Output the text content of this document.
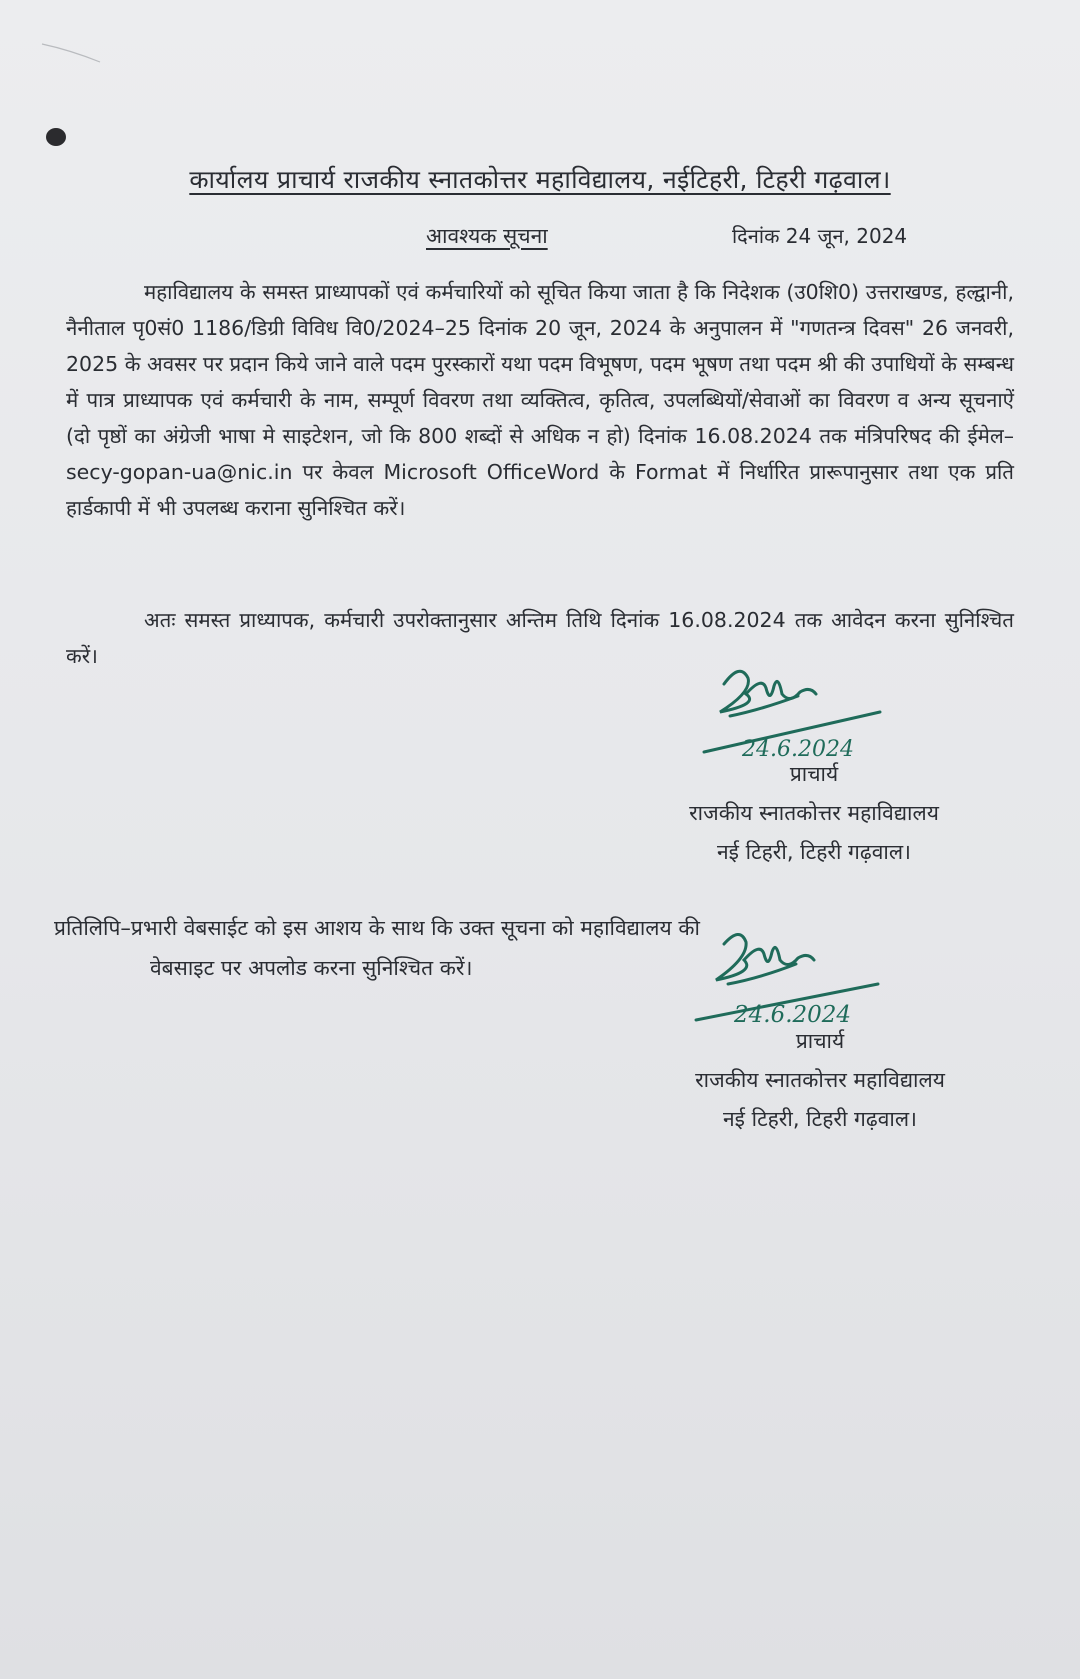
कार्यालय प्राचार्य राजकीय स्नातकोत्तर महाविद्यालय, नईटिहरी, टिहरी गढ़वाल।
आवश्यक सूचना	दिनांक 24 जून, 2024
महाविद्यालय के समस्त प्राध्यापकों एवं कर्मचारियों को सूचित किया जाता है कि निदेशक (उ0शि0) उत्तराखण्ड, हल्द्वानी, नैनीताल पृ0सं0 1186/डिग्री विविध वि0/2024–25 दिनांक 20 जून, 2024 के अनुपालन में "गणतन्त्र दिवस" 26 जनवरी, 2025 के अवसर पर प्रदान किये जाने वाले पदम पुरस्कारों यथा पदम विभूषण, पदम भूषण तथा पदम श्री की उपाधियों के सम्बन्ध में पात्र प्राध्यापक एवं कर्मचारी के नाम, सम्पूर्ण विवरण तथा व्यक्तित्व, कृतित्व, उपलब्धियों/सेवाओं का विवरण व अन्य सूचनाऐं (दो पृष्ठों का अंग्रेजी भाषा मे साइटेशन, जो कि 800 शब्दों से अधिक न हो) दिनांक 16.08.2024 तक मंत्रिपरिषद की ईमेल–secy-gopan-ua@nic.in पर केवल Microsoft OfficeWord के Format में निर्धारित प्रारूपानुसार तथा एक प्रति हार्डकापी में भी उपलब्ध कराना सुनिश्चित करें।
अतः समस्त प्राध्यापक, कर्मचारी उपरोक्तानुसार अन्तिम तिथि दिनांक 16.08.2024 तक आवेदन करना सुनिश्चित करें।
24.6.2024
प्राचार्य
राजकीय स्नातकोत्तर महाविद्यालय
नई टिहरी, टिहरी गढ़वाल।
प्रतिलिपि–प्रभारी वेबसाईट को इस आशय के साथ कि उक्त सूचना को महाविद्यालय की
वेबसाइट पर अपलोड करना सुनिश्चित करें।
24.6.2024
प्राचार्य
राजकीय स्नातकोत्तर महाविद्यालय
नई टिहरी, टिहरी गढ़वाल।
